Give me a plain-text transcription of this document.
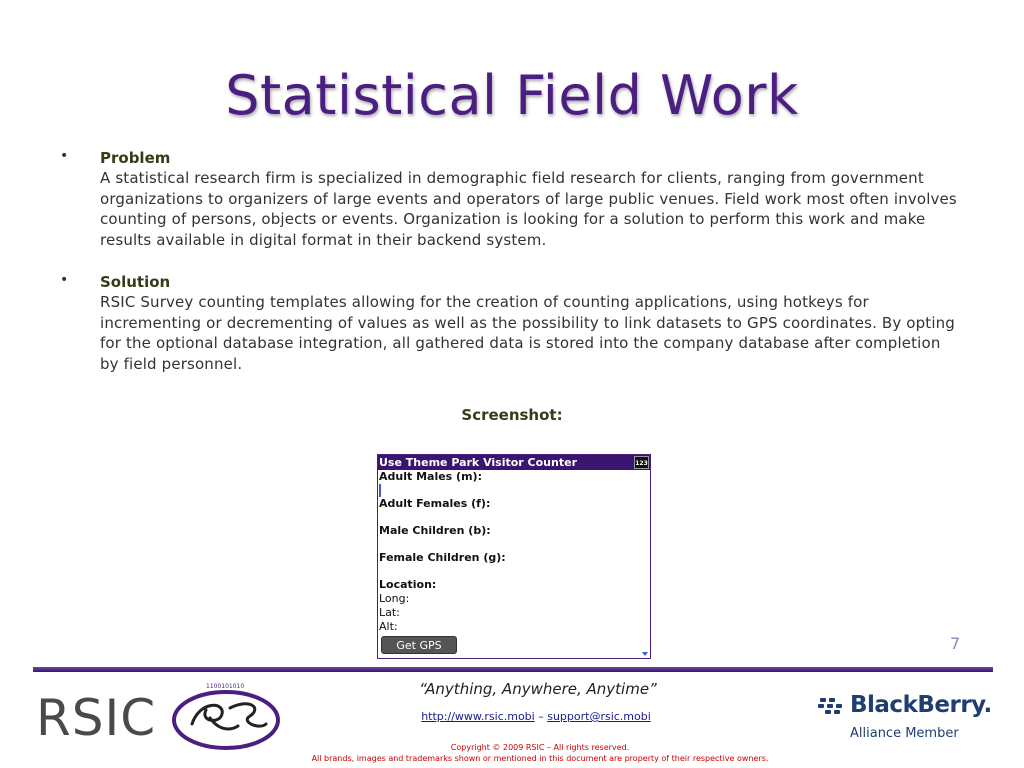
Statistical Field Work
• Problem
A statistical research firm is specialized in demographic field research for clients, ranging from government organizations to organizers of large events and operators of large public venues. Field work most often involves counting of persons, objects or events. Organization is looking for a solution to perform this work and make results available in digital format in their backend system.
• Solution
RSIC Survey counting templates allowing for the creation of counting applications, using hotkeys for incrementing or decrementing of values as well as the possibility to link datasets to GPS coordinates. By opting for the optional database integration, all gathered data is stored into the company database after completion by field personnel.
Screenshot:
Use Theme Park Visitor Counter	123
Adult Males (m):
Adult Females (f):
Male Children (b):
Female Children (g):
Location:
Long:
Lat:
Alt:
Get GPS	7
RSIC
1100101010	“Anything, Anywhere, Anytime”
http://www.rsic.mobi – support@rsic.mobi
Copyright © 2009 RSIC – All rights reserved.
All brands, images and trademarks shown or mentioned in this document are property of their respective owners.
BlackBerry.
Alliance Member
